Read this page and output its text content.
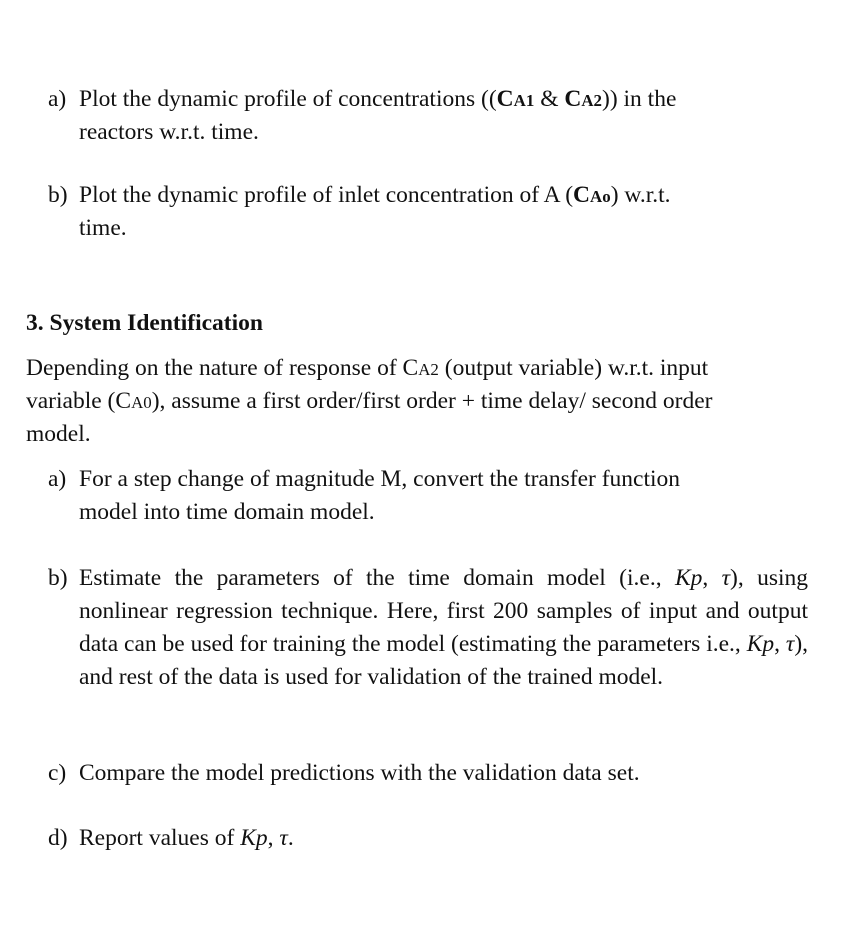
a) Plot the dynamic profile of concentrations ((CA1 & CA2)) in the
reactors w.r.t. time.
b) Plot the dynamic profile of inlet concentration of A (CAo) w.r.t.
time.
3. System Identification
Depending on the nature of response of CA2 (output variable) w.r.t. input
variable (CA0), assume a first order/first order + time delay/ second order
model.
a) For a step change of magnitude M, convert the transfer function
model into time domain model.
b) Estimate the parameters of the time domain model (i.e., Kp, τ), using nonlinear regression technique. Here, first 200 samples of input and output data can be used for training the model (estimating the parameters i.e., Kp, τ), and rest of the data is used for validation of the trained model.
c) Compare the model predictions with the validation data set.
d) Report values of Kp, τ.
